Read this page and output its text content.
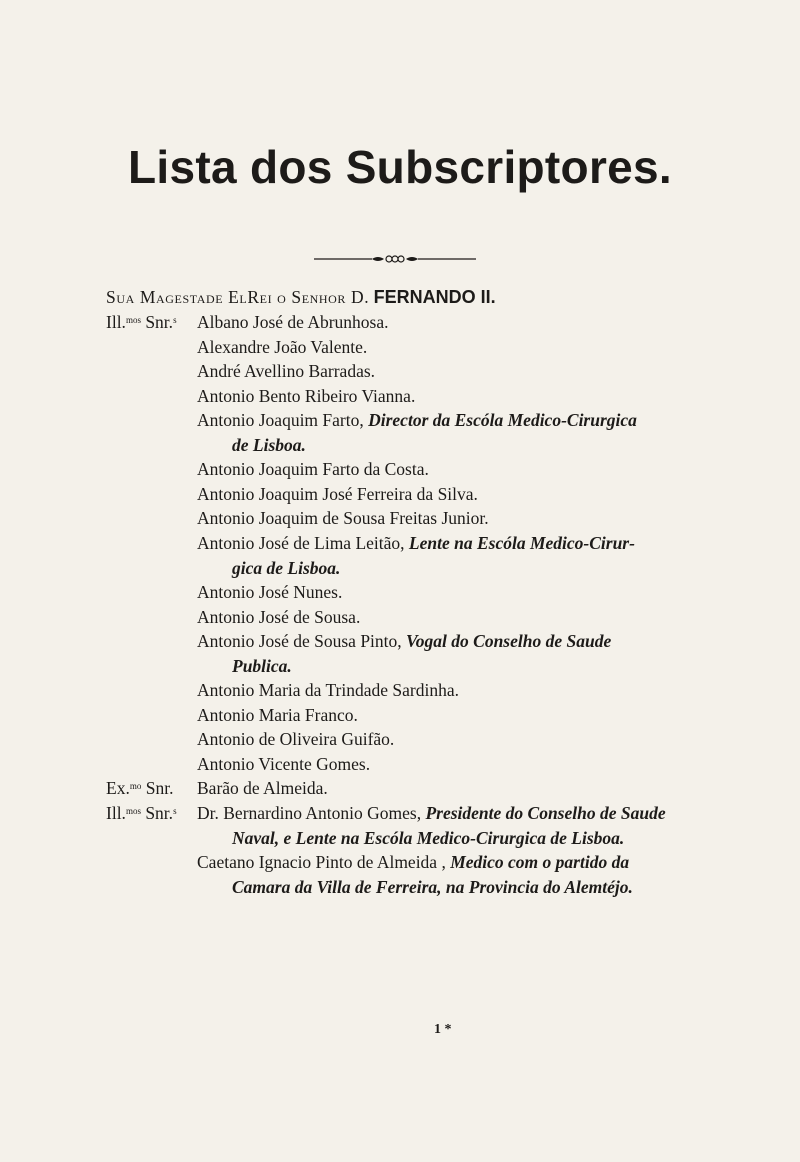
Lista dos Subscriptores.
Sua Magestade ElRei o Senhor D. FERNANDO II.
Ill.$^{mos}$ Snr.$^s$ Albano José de Abrunhosa.
Alexandre João Valente.
André Avellino Barradas.
Antonio Bento Ribeiro Vianna.
Antonio Joaquim Farto, Director da Escóla Medico-Cirurgica
de Lisboa.
Antonio Joaquim Farto da Costa.
Antonio Joaquim José Ferreira da Silva.
Antonio Joaquim de Sousa Freitas Junior.
Antonio José de Lima Leitão, Lente na Escóla Medico-Cirur-
gica de Lisboa.
Antonio José Nunes.
Antonio José de Sousa.
Antonio José de Sousa Pinto, Vogal do Conselho de Saude
Publica.
Antonio Maria da Trindade Sardinha.
Antonio Maria Franco.
Antonio de Oliveira Guifão.
Antonio Vicente Gomes.
Ex.$^{mo}$ Snr. Barão de Almeida.
Ill.$^{mos}$ Snr.$^s$ Dr. Bernardino Antonio Gomes, Presidente do Conselho de Saude
Naval, e Lente na Escóla Medico-Cirurgica de Lisboa.
Caetano Ignacio Pinto de Almeida , Medico com o partido da
Camara da Villa de Ferreira, na Provincia do Alemtéjo.
1 *
